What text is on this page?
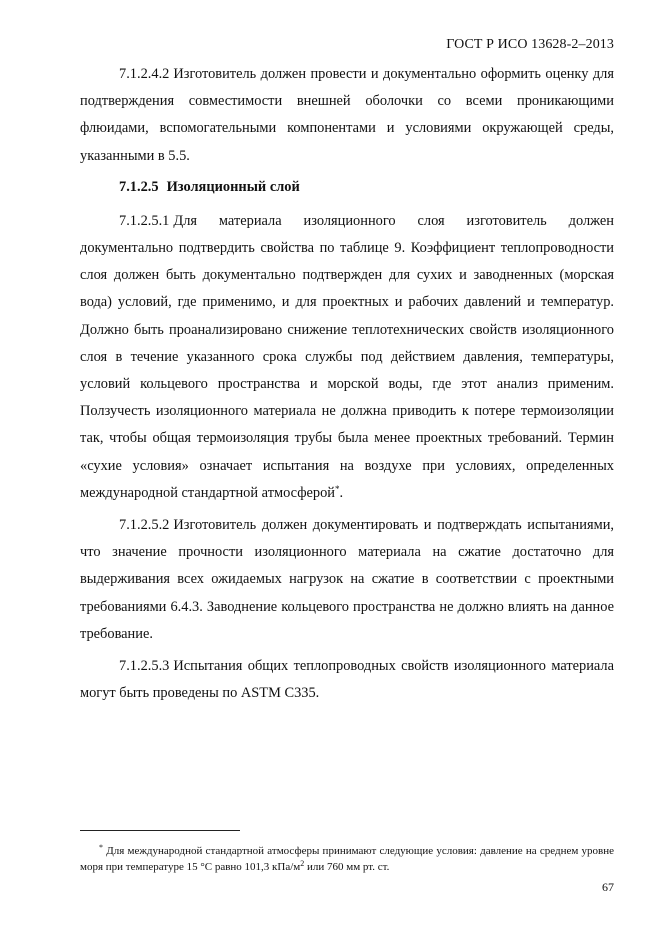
ГОСТ Р ИСО 13628-2–2013

7.1.2.4.2 Изготовитель должен провести и документально оформить оценку для подтверждения совместимости внешней оболочки со всеми проникающими флюидами, вспомогательными компонентами и условиями окружающей среды, указанными в 5.5.

7.1.2.5 Изоляционный слой

7.1.2.5.1 Для материала изоляционного слоя изготовитель должен документально подтвердить свойства по таблице 9. Коэффициент теплопроводности слоя должен быть документально подтвержден для сухих и заводненных (морская вода) условий, где применимо, и для проектных и рабочих давлений и температур. Должно быть проанализировано снижение теплотехнических свойств изоляционного слоя в течение указанного срока службы под действием давления, температуры, условий кольцевого пространства и морской воды, где этот анализ применим. Ползучесть изоляционного материала не должна приводить к потере термоизоляции так, чтобы общая термоизоляция трубы была менее проектных требований. Термин «сухие условия» означает испытания на воздухе при условиях, определенных международной стандартной атмосферой*.

7.1.2.5.2 Изготовитель должен документировать и подтверждать испытаниями, что значение прочности изоляционного материала на сжатие достаточно для выдерживания всех ожидаемых нагрузок на сжатие в соответствии с проектными требованиями 6.4.3. Заводнение кольцевого пространства не должно влиять на данное требование.

7.1.2.5.3 Испытания общих теплопроводных свойств изоляционного материала могут быть проведены по ASTM C335.

* Для международной стандартной атмосферы принимают следующие условия: давление на среднем уровне моря при температуре 15 °С равно 101,3 кПа/$м^2$ или 760 мм рт. ст.
67
